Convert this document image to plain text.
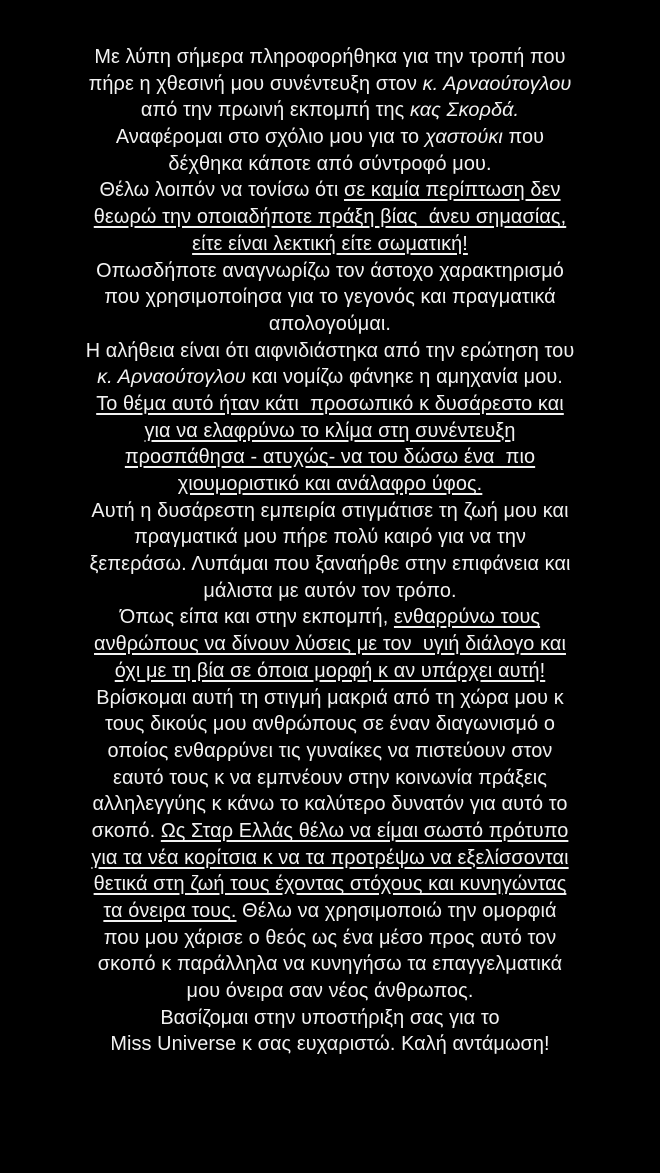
Με λύπη σήμερα πληροφορήθηκα για την τροπή που
πήρε η χθεσινή μου συνέντευξη στον κ. Αρναούτογλου
από την πρωινή εκπομπή της κας Σκορδά.
Αναφέρομαι στο σχόλιο μου για το χαστούκι που
δέχθηκα κάποτε από σύντροφό μου.
Θέλω λοιπόν να τονίσω ότι σε καμία περίπτωση δεν
θεωρώ την οποιαδήποτε πράξη βίας  άνευ σημασίας,
είτε είναι λεκτική είτε σωματική!
Οπωσδήποτε αναγνωρίζω τον άστοχο χαρακτηρισμό
που χρησιμοποίησα για το γεγονός και πραγματικά
απολογούμαι.
Η αλήθεια είναι ότι αιφνιδιάστηκα από την ερώτηση του
κ. Αρναούτογλου και νομίζω φάνηκε η αμηχανία μου.
Το θέμα αυτό ήταν κάτι  προσωπικό κ δυσάρεστο και
για να ελαφρύνω το κλίμα στη συνέντευξη
προσπάθησα - ατυχώς- να του δώσω ένα  πιο
χιουμοριστικό και ανάλαφρο ύφος.
Αυτή η δυσάρεστη εμπειρία στιγμάτισε τη ζωή μου και
πραγματικά μου πήρε πολύ καιρό για να την
ξεπεράσω. Λυπάμαι που ξαναήρθε στην επιφάνεια και
μάλιστα με αυτόν τον τρόπο.
Όπως είπα και στην εκπομπή, ενθαρρύνω τους
ανθρώπους να δίνουν λύσεις με τον  υγιή διάλογο και
όχι με τη βία σε όποια μορφή κ αν υπάρχει αυτή!
Βρίσκομαι αυτή τη στιγμή μακριά από τη χώρα μου κ
τους δικούς μου ανθρώπους σε έναν διαγωνισμό ο
οποίος ενθαρρύνει τις γυναίκες να πιστεύουν στον
εαυτό τους κ να εμπνέουν στην κοινωνία πράξεις
αλληλεγγύης κ κάνω το καλύτερο δυνατόν για αυτό το
σκοπό. Ως Σταρ Ελλάς θέλω να είμαι σωστό πρότυπο
για τα νέα κορίτσια κ να τα προτρέψω να εξελίσσονται
θετικά στη ζωή τους έχοντας στόχους και κυνηγώντας
τα όνειρα τους. Θέλω να χρησιμοποιώ την ομορφιά
που μου χάρισε ο θεός ως ένα μέσο προς αυτό τον
σκοπό κ παράλληλα να κυνηγήσω τα επαγγελματικά
μου όνειρα σαν νέος άνθρωπος.
Βασίζομαι στην υποστήριξη σας για το
Miss Universe κ σας ευχαριστώ. Καλή αντάμωση!
